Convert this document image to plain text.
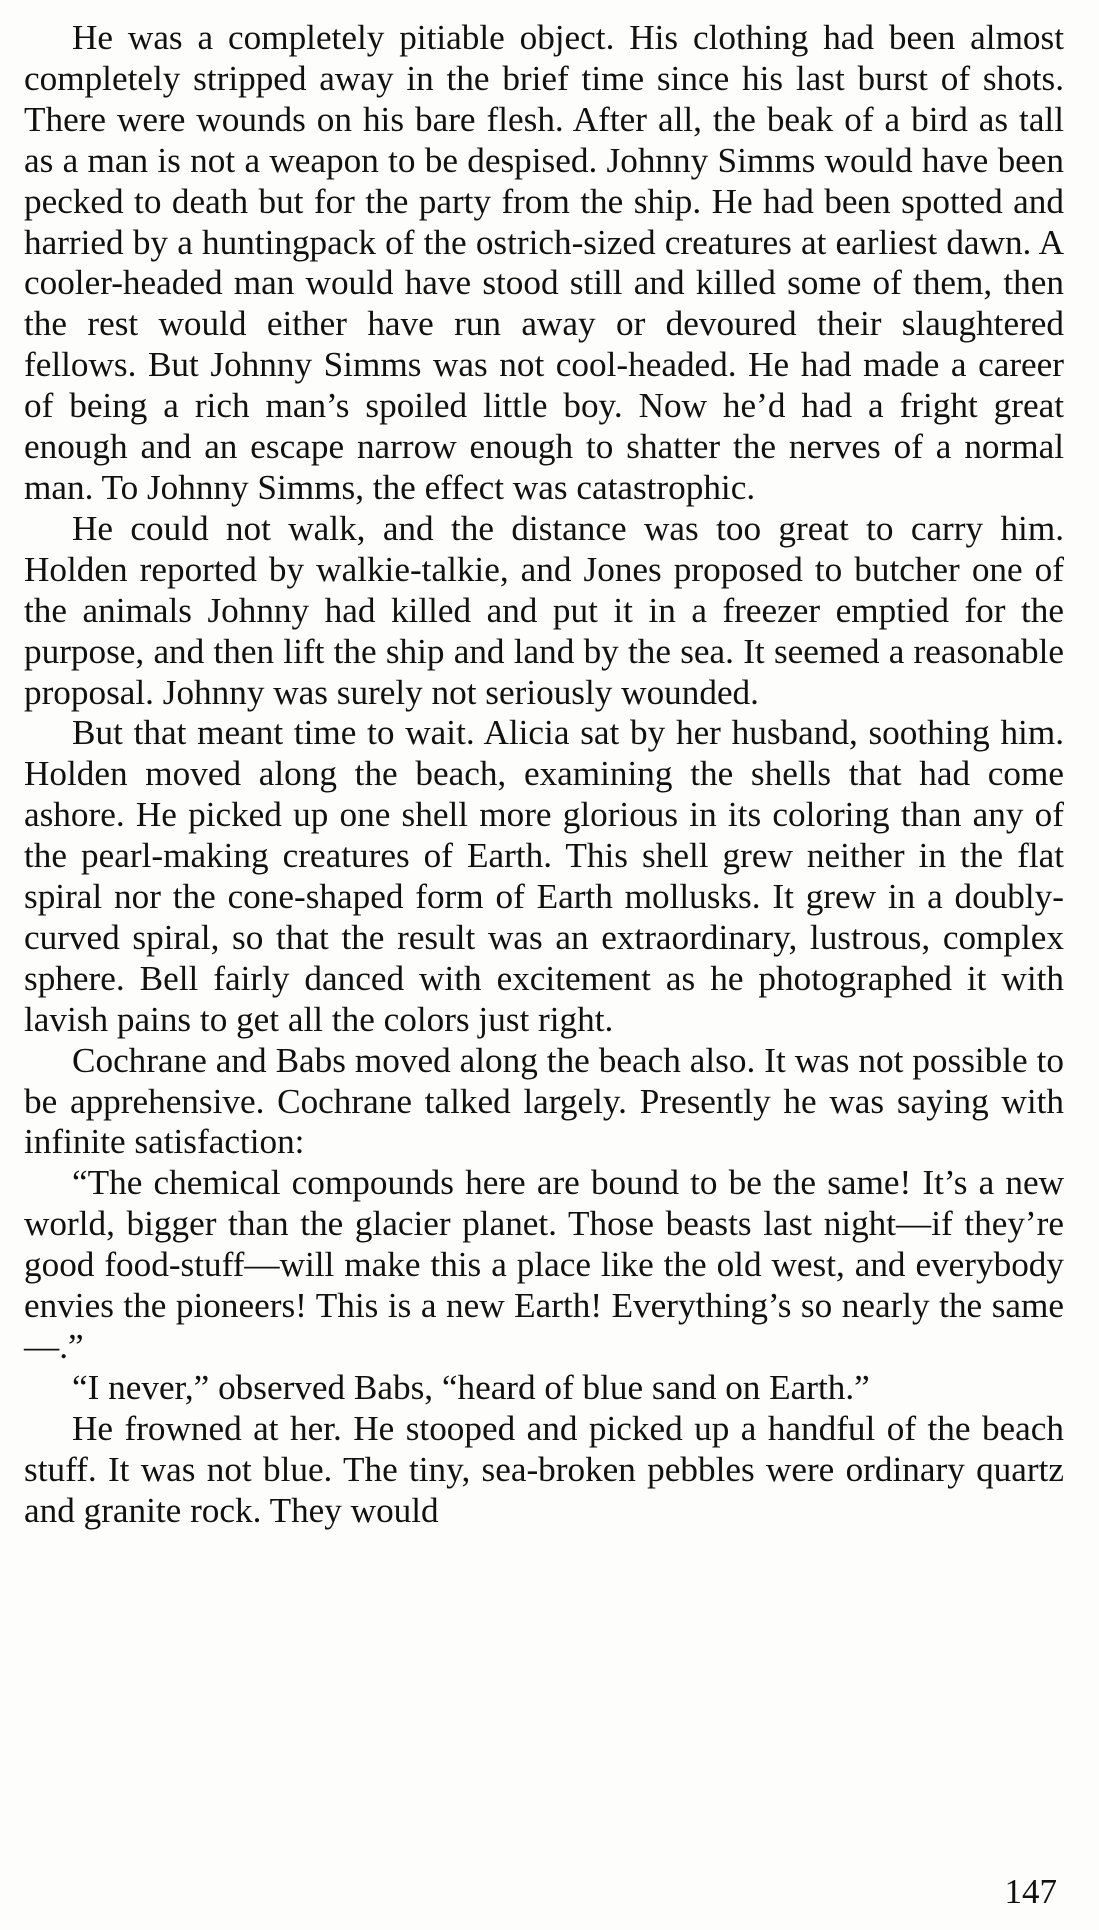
He was a completely pitiable object. His clothing had been almost completely stripped away in the brief time since his last burst of shots. There were wounds on his bare flesh. After all, the beak of a bird as tall as a man is not a weapon to be despised. Johnny Simms would have been pecked to death but for the party from the ship. He had been spotted and harried by a huntingpack of the ostrich-sized creatures at earliest dawn. A cooler-headed man would have stood still and killed some of them, then the rest would either have run away or devoured their slaughtered fellows. But Johnny Simms was not cool-headed. He had made a career of being a rich man’s spoiled little boy. Now he’d had a fright great enough and an escape narrow enough to shatter the nerves of a normal man. To Johnny Simms, the effect was catastrophic.

He could not walk, and the distance was too great to carry him. Holden reported by walkie-talkie, and Jones proposed to butcher one of the animals Johnny had killed and put it in a freezer emptied for the purpose, and then lift the ship and land by the sea. It seemed a reasonable proposal. Johnny was surely not seriously wounded.

But that meant time to wait. Alicia sat by her husband, soothing him. Holden moved along the beach, examining the shells that had come ashore. He picked up one shell more glorious in its coloring than any of the pearl-making creatures of Earth. This shell grew neither in the flat spiral nor the cone-shaped form of Earth mollusks. It grew in a doubly-curved spiral, so that the result was an extraordinary, lustrous, complex sphere. Bell fairly danced with excitement as he photographed it with lavish pains to get all the colors just right.

Cochrane and Babs moved along the beach also. It was not possible to be apprehensive. Cochrane talked largely. Presently he was saying with infinite satisfaction:

“The chemical compounds here are bound to be the same! It’s a new world, bigger than the glacier planet. Those beasts last night—if they’re good food-stuff—will make this a place like the old west, and everybody envies the pioneers! This is a new Earth! Everything’s so nearly the same—.”

“I never,” observed Babs, “heard of blue sand on Earth.”

He frowned at her. He stooped and picked up a handful of the beach stuff. It was not blue. The tiny, sea-broken pebbles were ordinary quartz and granite rock. They would

147
